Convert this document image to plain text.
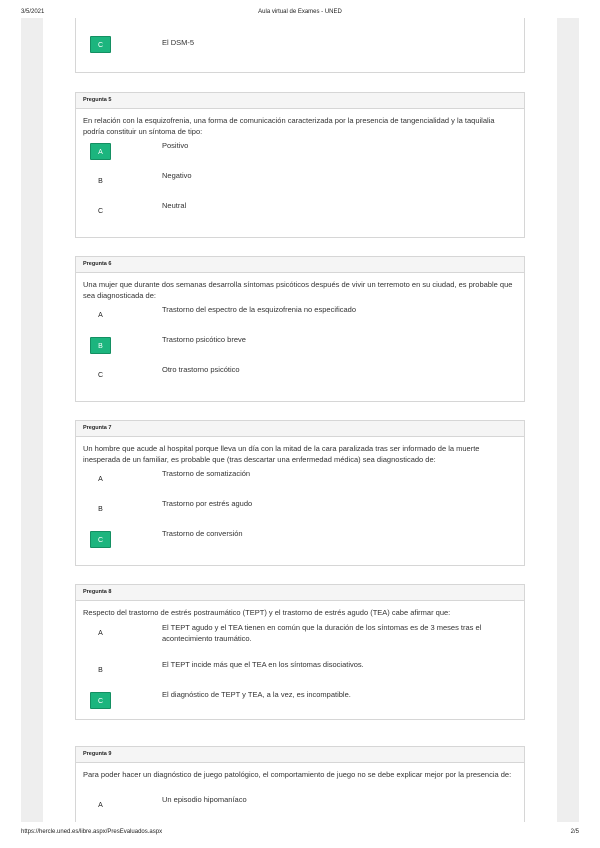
3/5/2021	Aula virtual de Exames - UNED
C	El DSM-5
Pregunta 5
En relación con la esquizofrenia, una forma de comunicación caracterizada por la presencia de tangencialidad y la taquilalia podría constituir un síntoma de tipo:
A
Positivo
B
Negativo
C
Neutral
Pregunta 6
Una mujer que durante dos semanas desarrolla síntomas psicóticos después de vivir un terremoto en su ciudad, es probable que sea diagnosticada de:
A
Trastorno del espectro de la esquizofrenia no especificado
B
Trastorno psicótico breve
C
Otro trastorno psicótico
Pregunta 7
Un hombre que acude al hospital porque lleva un día con la mitad de la cara paralizada tras ser informado de la muerte inesperada de un familiar, es probable que (tras descartar una enfermedad médica) sea diagnosticado de:
A
Trastorno de somatización
B
Trastorno por estrés agudo
C
Trastorno de conversión
Pregunta 8
Respecto del trastorno de estrés postraumático (TEPT) y el trastorno de estrés agudo (TEA) cabe afirmar que:
A
El TEPT agudo y el TEA tienen en común que la duración de los síntomas es de 3 meses tras el acontecimiento traumático.
B
El TEPT incide más que el TEA en los síntomas disociativos.
C
El diagnóstico de TEPT y TEA, a la vez, es incompatible.
Pregunta 9
Para poder hacer un diagnóstico de juego patológico, el comportamiento de juego no se debe explicar mejor por la presencia de:
A
Un episodio hipomaníaco
https://hercle.uned.es/libre.aspx/PresEvaluados.aspx	2/5
